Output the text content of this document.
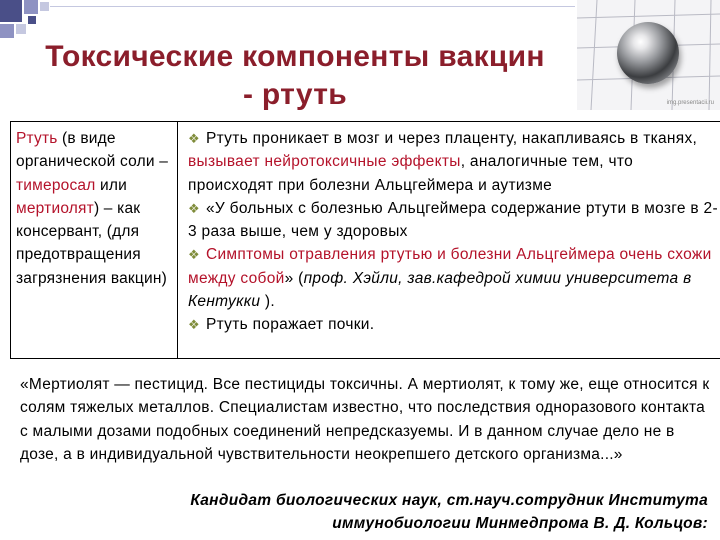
Токсические компоненты вакцин
- ртуть	img.presentacii.ru
Ртуть (в виде органической соли – тимеросал или мертиолят) – как консервант, (для предотвращения загрязнения вакцин)
❖ Ртуть проникает в мозг и через плаценту, накапливаясь в тканях, вызывает нейротоксичные эффекты, аналогичные тем, что происходят при болезни Альцгеймера и аутизме
❖ «У больных с болезнью Альцгеймера содержание ртути в мозге в 2-3 раза выше, чем у здоровых
❖ Симптомы отравления ртутью и болезни Альцгеймера очень схожи между собой» (проф. Хэйли, зав.кафедрой химии университета в Кентукки ).
❖ Ртуть поражает почки.
«Мертиолят — пестицид. Все пестициды токсичны. А мертиолят, к тому же, еще относится к солям тяжелых металлов. Специалистам известно, что последствия одноразового контакта с малыми дозами подобных соединений непредсказуемы. И в данном случае дело не в дозе, а в индивидуальной чувствительности неокрепшего детского организма...»
Кандидат биологических наук, ст.науч.сотрудник Института
иммунобиологии Минмедпрома В. Д. Кольцов:
